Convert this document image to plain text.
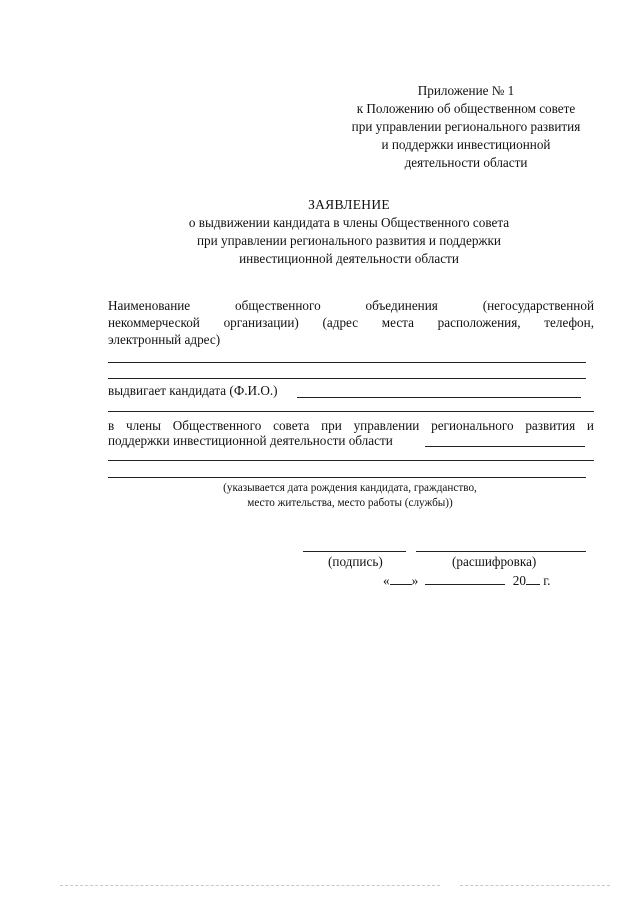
Приложение № 1
к Положению об общественном совете
при управлении регионального развития
и поддержки инвестиционной
деятельности области
ЗАЯВЛЕНИЕ
о выдвижении кандидата в члены Общественного совета
при управлении регионального развития и поддержки
инвестиционной деятельности области
Наименование общественного объединения (негосударственной
некоммерческой организации) (адрес места расположения, телефон,
электронный адрес)
выдвигает кандидата (Ф.И.О.)
в члены Общественного совета при управлении регионального развития и
поддержки инвестиционной деятельности области
(указывается дата рождения кандидата, гражданство,
место жительства, место работы (службы))
(подпись)	(расшифровка)
« »	20 г.
